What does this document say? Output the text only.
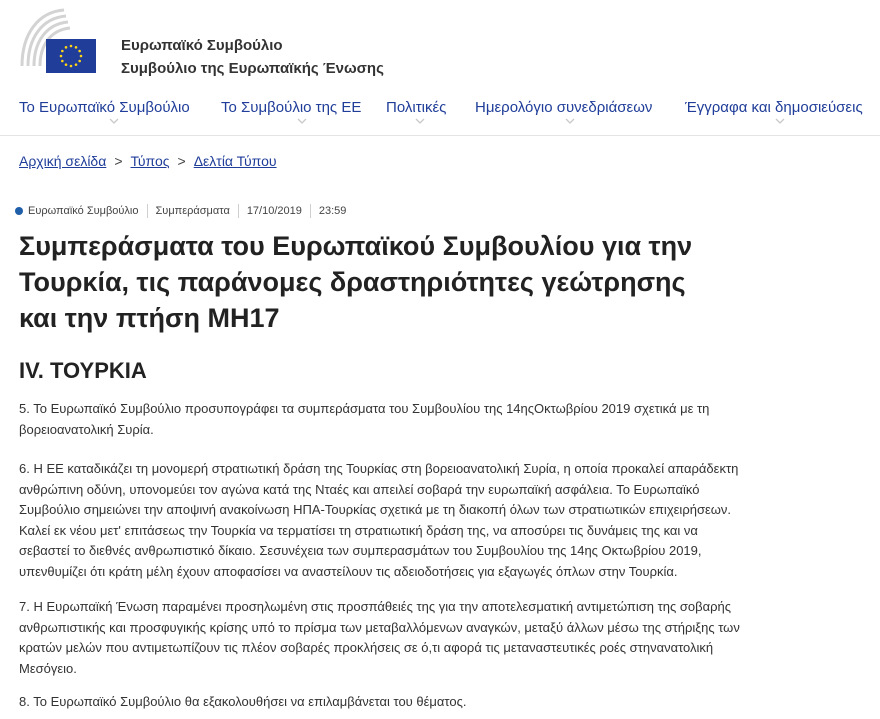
Ευρωπαϊκό Συμβούλιο
Συμβούλιο της Ευρωπαϊκής Ένωσης
Το Ευρωπαϊκό Συμβούλιο Το Συμβούλιο της ΕΕ Πολιτικές Ημερολόγιο συνεδριάσεων Έγγραφα και δημοσιεύσεις
Αρχική σελίδα > Τύπος > Δελτία Τύπου
Ευρωπαϊκό Συμβούλιο Συμπεράσματα 17/10/2019 23:59
Συμπεράσματα του Ευρωπαϊκού Συμβουλίου για την
Τουρκία, τις παράνομες δραστηριότητες γεώτρησης
και την πτήση ΜΗ17
IV. ΤΟΥΡΚΙΑ
5. Το Ευρωπαϊκό Συμβούλιο προσυπογράφει τα συμπεράσματα του Συμβουλίου της 14ηςΟκτωβρίου 2019 σχετικά με τη
βορειοανατολική Συρία.
6. Η ΕΕ καταδικάζει τη μονομερή στρατιωτική δράση της Τουρκίας στη βορειοανατολική Συρία, η οποία προκαλεί απαράδεκτη
ανθρώπινη οδύνη, υπονομεύει τον αγώνα κατά της Νταές και απειλεί σοβαρά την ευρωπαϊκή ασφάλεια. Το Ευρωπαϊκό
Συμβούλιο σημειώνει την αποψινή ανακοίνωση ΗΠΑ-Τουρκίας σχετικά με τη διακοπή όλων των στρατιωτικών επιχειρήσεων.
Καλεί εκ νέου μετ' επιτάσεως την Τουρκία να τερματίσει τη στρατιωτική δράση της, να αποσύρει τις δυνάμεις της και να
σεβαστεί το διεθνές ανθρωπιστικό δίκαιο. Σεσυνέχεια των συμπερασμάτων του Συμβουλίου της 14ης Οκτωβρίου 2019,
υπενθυμίζει ότι κράτη μέλη έχουν αποφασίσει να αναστείλουν τις αδειοδοτήσεις για εξαγωγές όπλων στην Τουρκία.
7. Η Ευρωπαϊκή Ένωση παραμένει προσηλωμένη στις προσπάθειές της για την αποτελεσματική αντιμετώπιση της σοβαρής
ανθρωπιστικής και προσφυγικής κρίσης υπό το πρίσμα των μεταβαλλόμενων αναγκών, μεταξύ άλλων μέσω της στήριξης των
κρατών μελών που αντιμετωπίζουν τις πλέον σοβαρές προκλήσεις σε ό,τι αφορά τις μεταναστευτικές ροές στηνανατολική
Μεσόγειο.
8. Το Ευρωπαϊκό Συμβούλιο θα εξακολουθήσει να επιλαμβάνεται του θέματος.
